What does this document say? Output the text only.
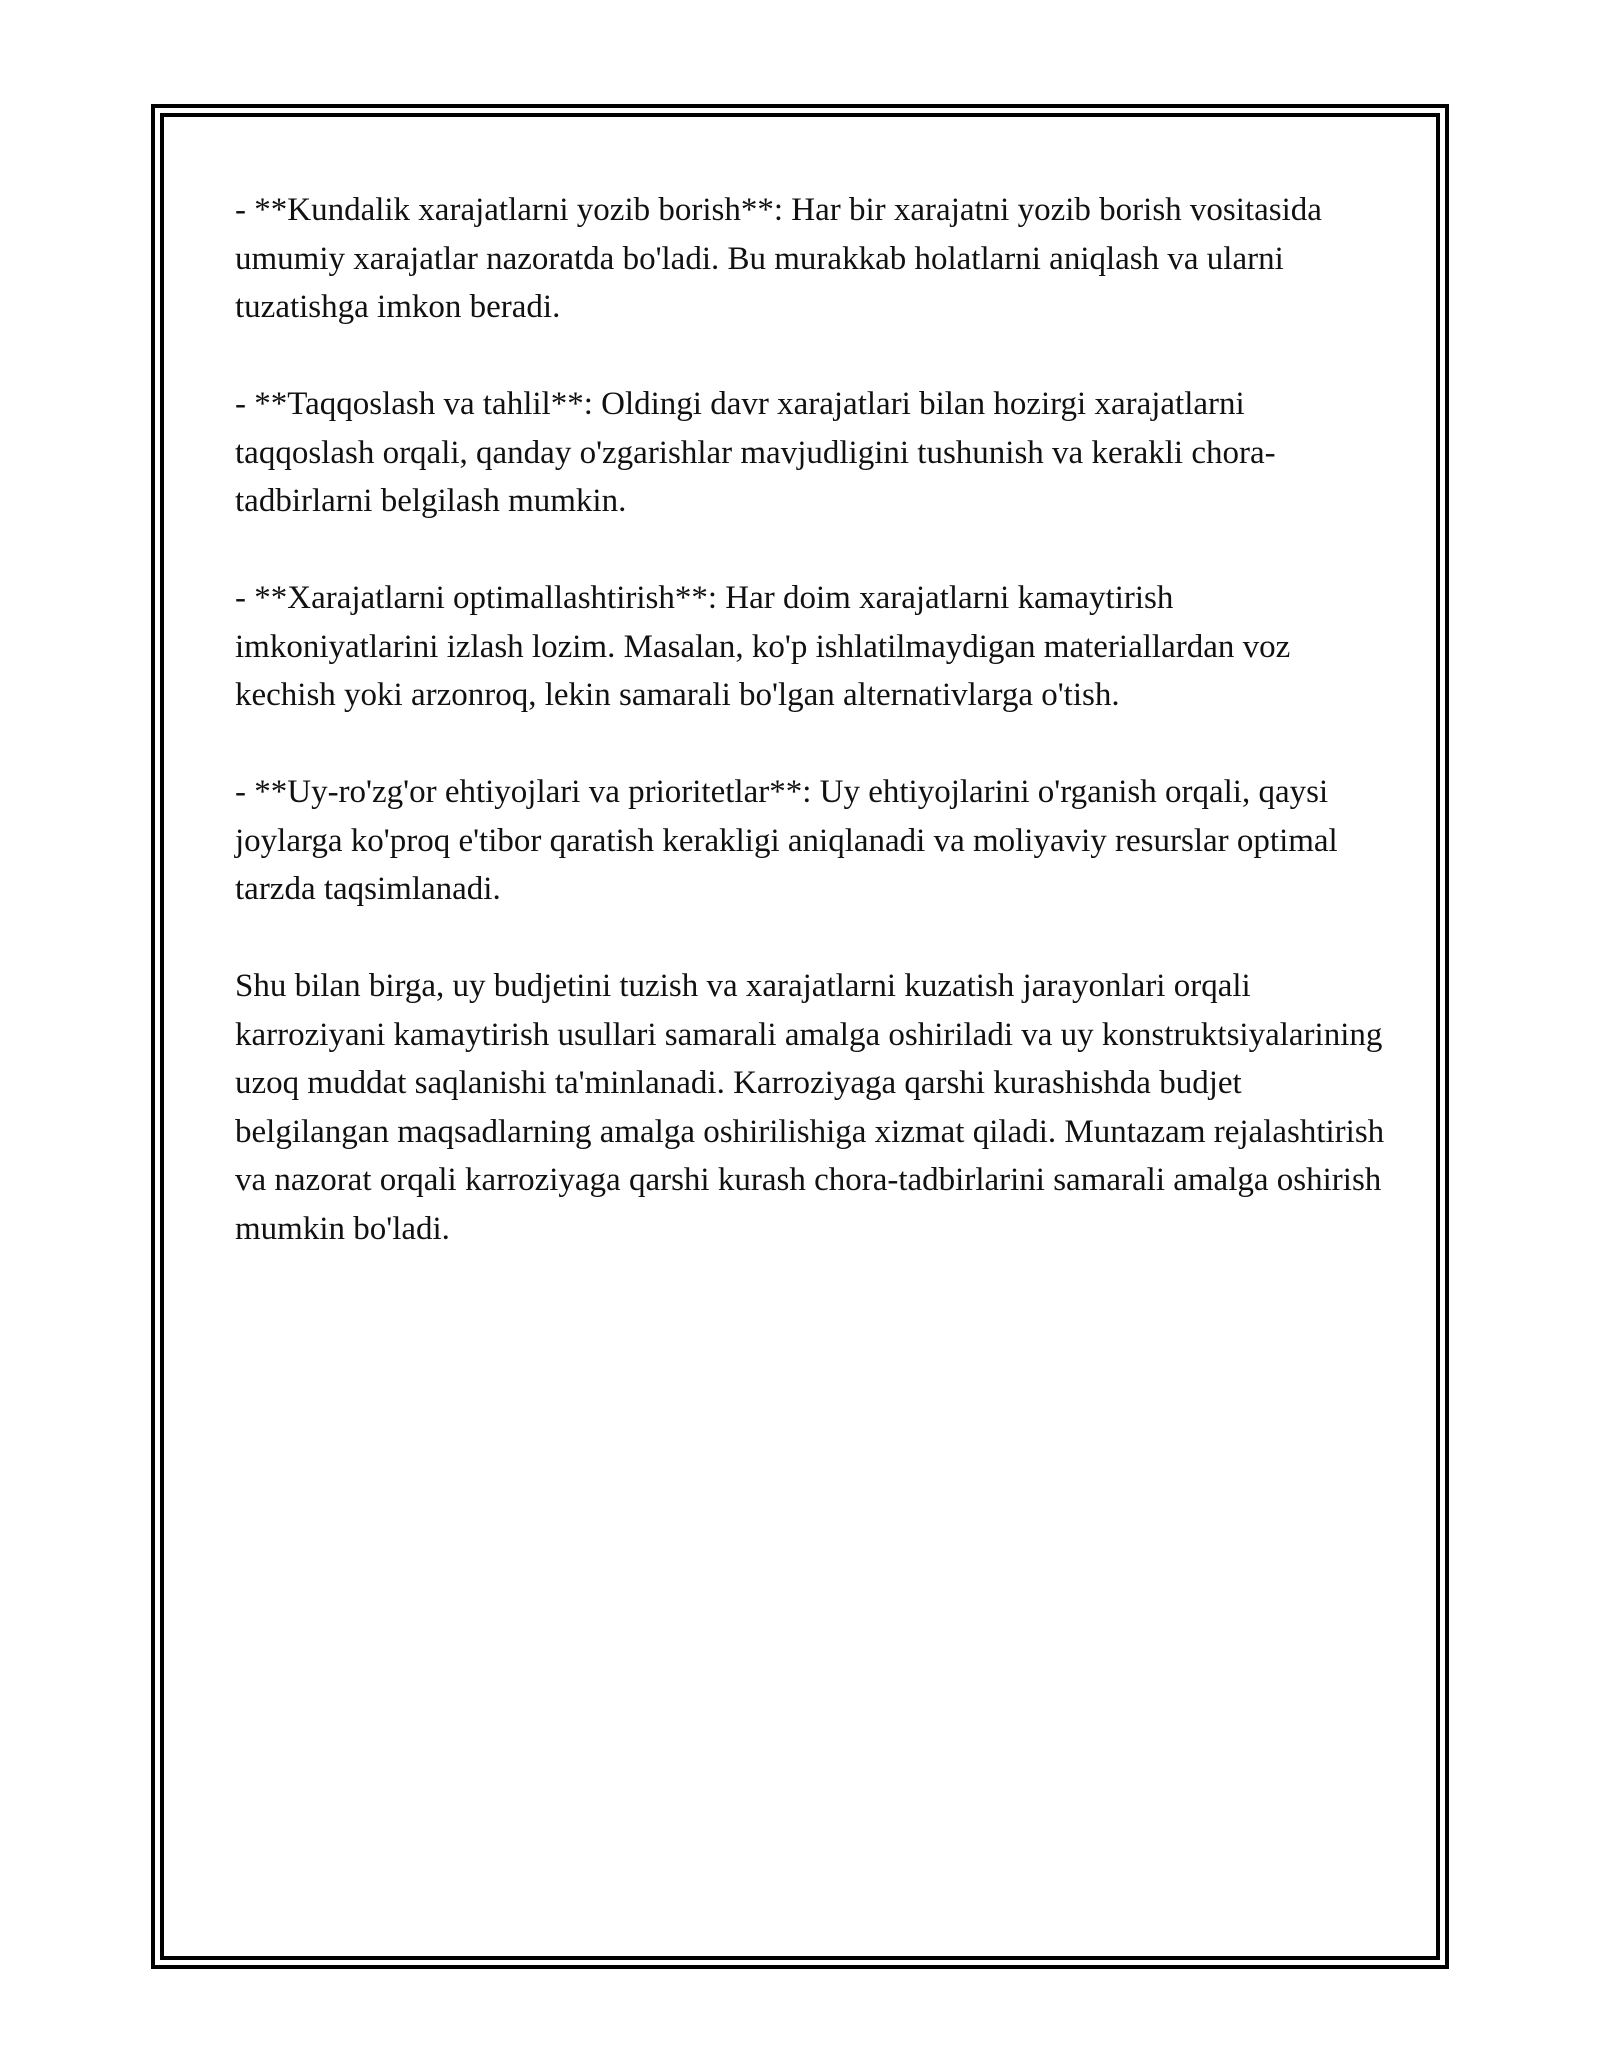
- **Kundalik xarajatlarni yozib borish**: Har bir xarajatni yozib borish vositasida umumiy xarajatlar nazoratda bo'ladi. Bu murakkab holatlarni aniqlash va ularni tuzatishga imkon beradi.

- **Taqqoslash va tahlil**: Oldingi davr xarajatlari bilan hozirgi xarajatlarni taqqoslash orqali, qanday o'zgarishlar mavjudligini tushunish va kerakli chora-tadbirlarni belgilash mumkin.

- **Xarajatlarni optimallashtirish**: Har doim xarajatlarni kamaytirish imkoniyatlarini izlash lozim. Masalan, ko'p ishlatilmaydigan materiallardan voz kechish yoki arzonroq, lekin samarali bo'lgan alternativlarga o'tish.

- **Uy-ro'zg'or ehtiyojlari va prioritetlar**: Uy ehtiyojlarini o'rganish orqali, qaysi joylarga ko'proq e'tibor qaratish kerakligi aniqlanadi va moliyaviy resurslar optimal tarzda taqsimlanadi.

Shu bilan birga, uy budjetini tuzish va xarajatlarni kuzatish jarayonlari orqali karroziyani kamaytirish usullari samarali amalga oshiriladi va uy konstruktsiyalarining uzoq muddat saqlanishi ta'minlanadi. Karroziyaga qarshi kurashishda budjet belgilangan maqsadlarning amalga oshirilishiga xizmat qiladi. Muntazam rejalashtirish va nazorat orqali karroziyaga qarshi kurash chora-tadbirlarini samarali amalga oshirish mumkin bo'ladi.
